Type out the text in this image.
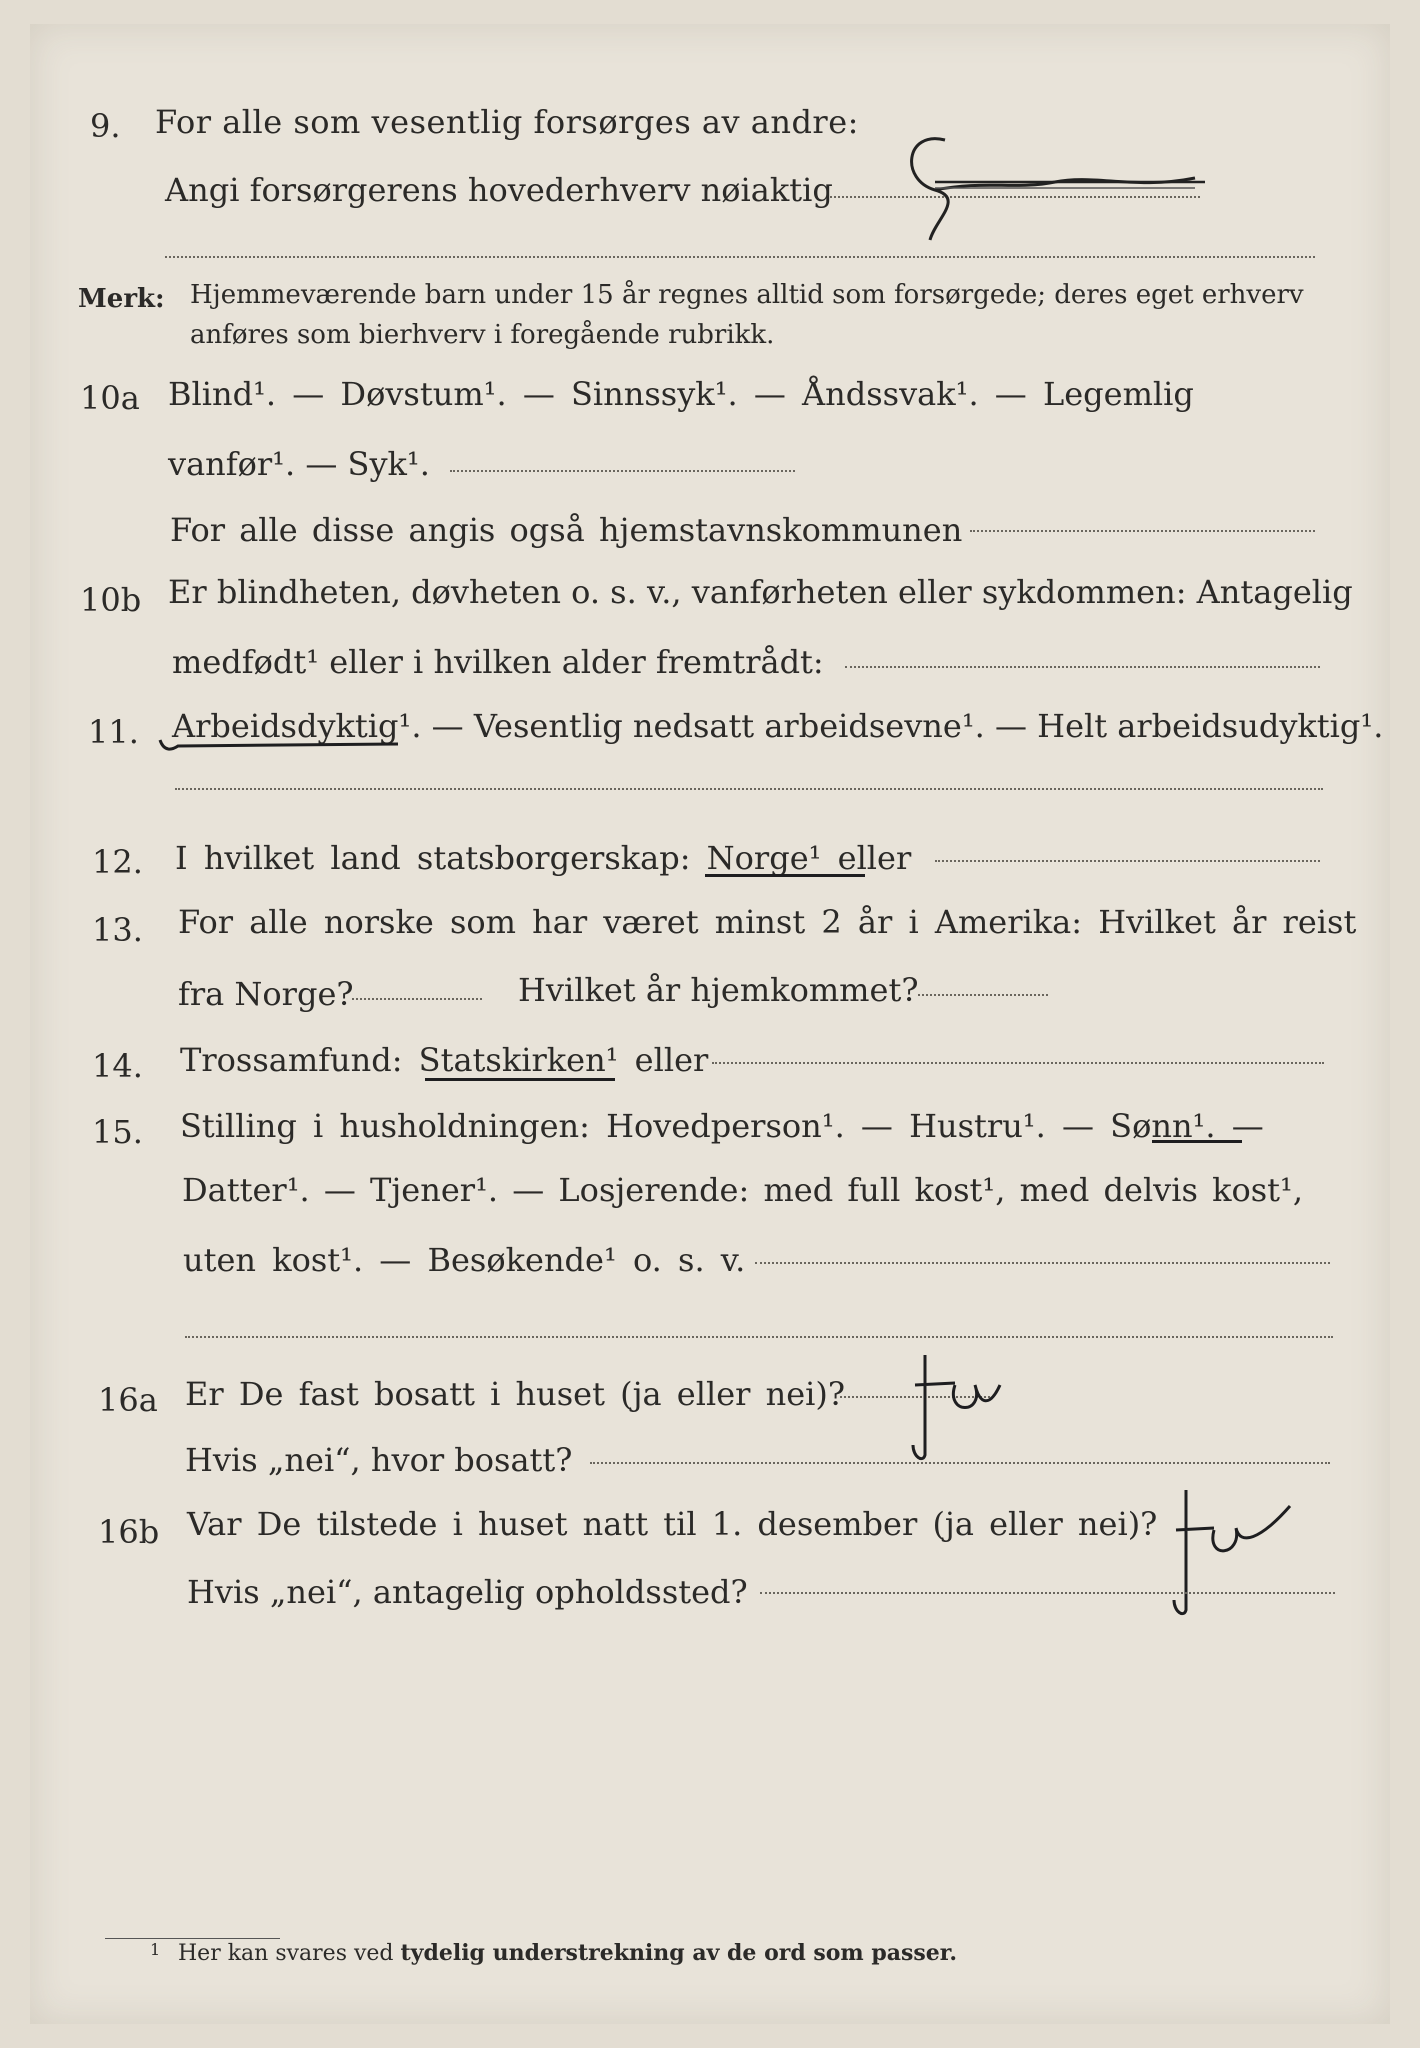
9. For alle som vesentlig forsørges av andre:
Angi forsørgerens hovederhverv nøiaktig
Merk: Hjemmeværende barn under 15 år regnes alltid som forsørgede; deres eget erhverv
anføres som bierhverv i foregående rubrikk.
10a Blind¹. — Døvstum¹. — Sinnssyk¹. — Åndssvak¹. — Legemlig
vanfør¹. — Syk¹.
For alle disse angis også hjemstavnskommunen
10b Er blindheten, døvheten o. s. v., vanførheten eller sykdommen: Antagelig
medfødt¹ eller i hvilken alder fremtrådt:
11. Arbeidsdyktig¹. — Vesentlig nedsatt arbeidsevne¹. — Helt arbeidsudyktig¹.
12. I hvilket land statsborgerskap: Norge¹ eller
13. For alle norske som har været minst 2 år i Amerika: Hvilket år reist
fra Norge?	Hvilket år hjemkommet?
14. Trossamfund: Statskirken¹ eller
15. Stilling i husholdningen: Hovedperson¹. — Hustru¹. — Sønn¹. —
Datter¹. — Tjener¹. — Losjerende: med full kost¹, med delvis kost¹,
uten kost¹. — Besøkende¹ o. s. v.
16a Er De fast bosatt i huset (ja eller nei)?
Hvis „nei“, hvor bosatt?
16b Var De tilstede i huset natt til 1. desember (ja eller nei)?
Hvis „nei“, antagelig opholdssted?
1 Her kan svares ved tydelig understrekning av de ord som passer.
